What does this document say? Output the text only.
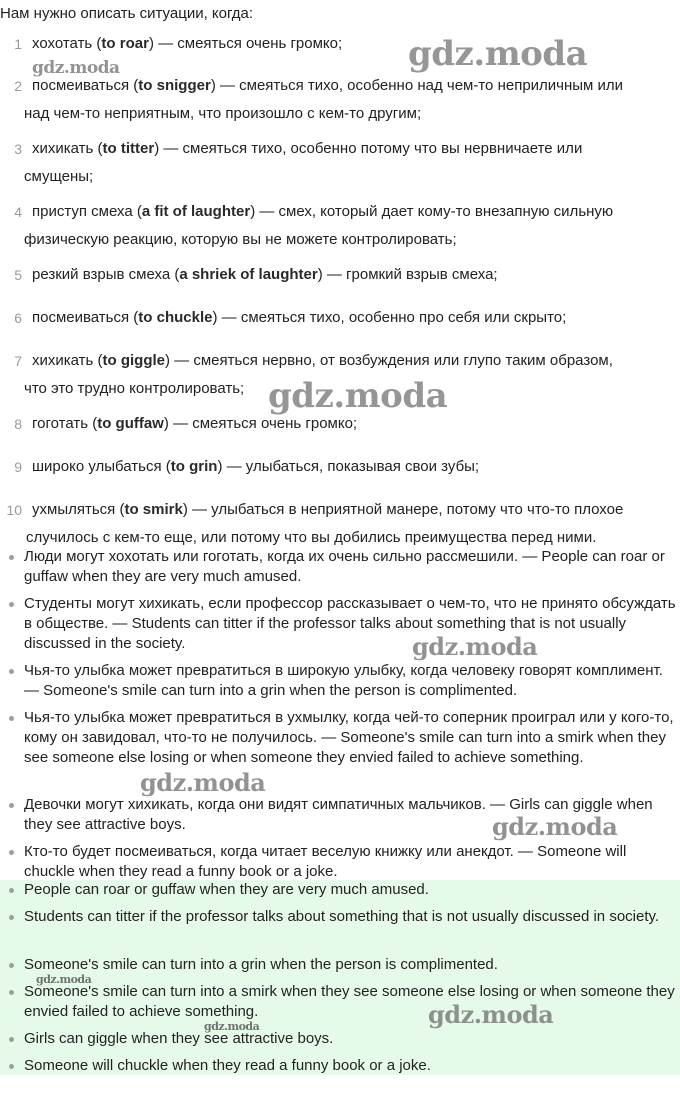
Нам нужно описать ситуации, когда:
1 хохотать (to roar) — смеяться очень громко;
2 посмеиваться (to snigger) — смеяться тихо, особенно над чем-то неприличным или
над чем-то неприятным, что произошло с кем-то другим;
3 хихикать (to titter) — смеяться тихо, особенно потому что вы нервничаете или
смущены;
4 приступ смеха (a fit of laughter) — смех, который дает кому-то внезапную сильную
физическую реакцию, которую вы не можете контролировать;
5 резкий взрыв смеха (a shriek of laughter) — громкий взрыв смеха;
6 посмеиваться (to chuckle) — смеяться тихо, особенно про себя или скрыто;
7 хихикать (to giggle) — смеяться нервно, от возбуждения или глупо таким образом,
что это трудно контролировать;
8 гоготать (to guffaw) — смеяться очень громко;
9 широко улыбаться (to grin) — улыбаться, показывая свои зубы;
10 ухмыляться (to smirk) — улыбаться в неприятной манере, потому что что-то плохое
случилось с кем-то еще, или потому что вы добились преимущества перед ними.
Люди могут хохотать или гоготать, когда их очень сильно рассмешили. — People can roar or guffaw when they are very much amused.
Студенты могут хихикать, если профессор рассказывает о чем-то, что не принято обсуждать в обществе. — Students can titter if the professor talks about something that is not usually discussed in the society.
Чья-то улыбка может превратиться в широкую улыбку, когда человеку говорят комплимент. — Someone's smile can turn into a grin when the person is complimented.
Чья-то улыбка может превратиться в ухмылку, когда чей-то соперник проиграл или у кого-то, кому он завидовал, что-то не получилось. — Someone's smile can turn into a smirk when they see someone else losing or when someone they envied failed to achieve something.
Девочки могут хихикать, когда они видят симпатичных мальчиков. — Girls can giggle when they see attractive boys.
Кто-то будет посмеиваться, когда читает веселую книжку или анекдот. — Someone will chuckle when they read a funny book or a joke.
People can roar or guffaw when they are very much amused.
Students can titter if the professor talks about something that is not usually discussed in society.
Someone's smile can turn into a grin when the person is complimented.
Someone's smile can turn into a smirk when they see someone else losing or when someone they envied failed to achieve something.
Girls can giggle when they see attractive boys.
Someone will chuckle when they read a funny book or a joke.
gdz.moda
gdz.moda
gdz.moda
gdz.moda
gdz.moda
gdz.moda
gdz.moda
gdz.moda
gdz.moda
